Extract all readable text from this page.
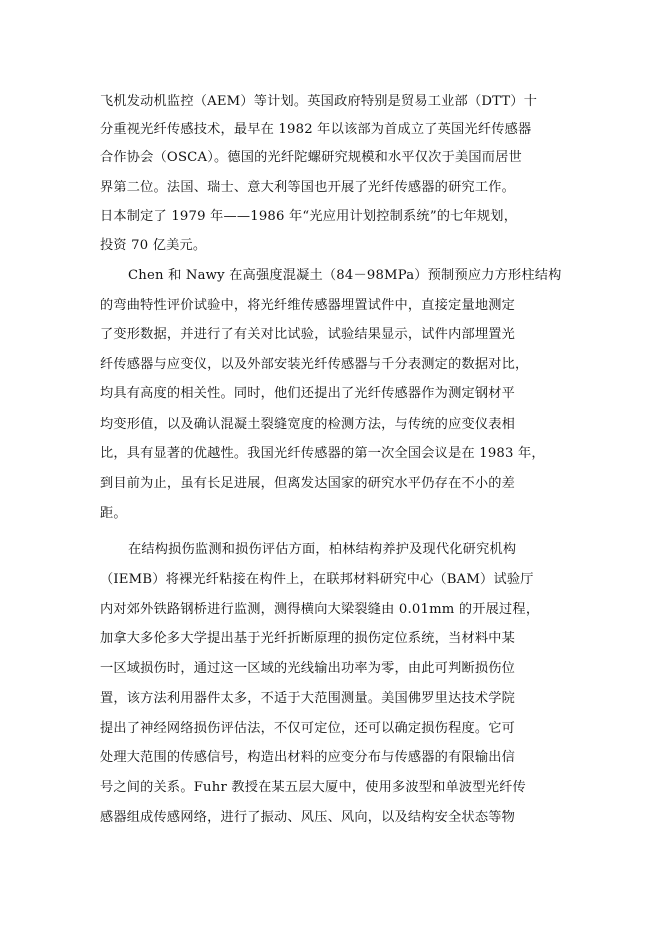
飞机发动机监控（AEM）等计划。英国政府特别是贸易工业部（DTT）十
分重视光纤传感技术，最早在 1982 年以该部为首成立了英国光纤传感器
合作协会（OSCA）。德国的光纤陀螺研究规模和水平仅次于美国而居世
界第二位。法国、瑞士、意大利等国也开展了光纤传感器的研究工作。
日本制定了 1979 年——1986 年“光应用计划控制系统”的七年规划，
投资 70 亿美元。
Chen 和 Nawy 在高强度混凝土（84－98MPa）预制预应力方形柱结构
的弯曲特性评价试验中，将光纤维传感器埋置试件中，直接定量地测定
了变形数据，并进行了有关对比试验，试验结果显示，试件内部埋置光
纤传感器与应变仪，以及外部安装光纤传感器与千分表测定的数据对比，
均具有高度的相关性。同时，他们还提出了光纤传感器作为测定钢材平
均变形值，以及确认混凝土裂缝宽度的检测方法，与传统的应变仪表相
比，具有显著的优越性。我国光纤传感器的第一次全国会议是在 1983 年，
到目前为止，虽有长足进展，但离发达国家的研究水平仍存在不小的差
距。
在结构损伤监测和损伤评估方面，柏林结构养护及现代化研究机构
（IEMB）将裸光纤粘接在构件上，在联邦材料研究中心（BAM）试验厅
内对郊外铁路钢桥进行监测，测得横向大梁裂缝由 0.01mm 的开展过程，
加拿大多伦多大学提出基于光纤折断原理的损伤定位系统，当材料中某
一区域损伤时，通过这一区域的光线输出功率为零，由此可判断损伤位
置，该方法利用器件太多，不适于大范围测量。美国佛罗里达技术学院
提出了神经网络损伤评估法，不仅可定位，还可以确定损伤程度。它可
处理大范围的传感信号，构造出材料的应变分布与传感器的有限输出信
号之间的关系。Fuhr 教授在某五层大厦中，使用多波型和单波型光纤传
感器组成传感网络，进行了振动、风压、风向，以及结构安全状态等物
